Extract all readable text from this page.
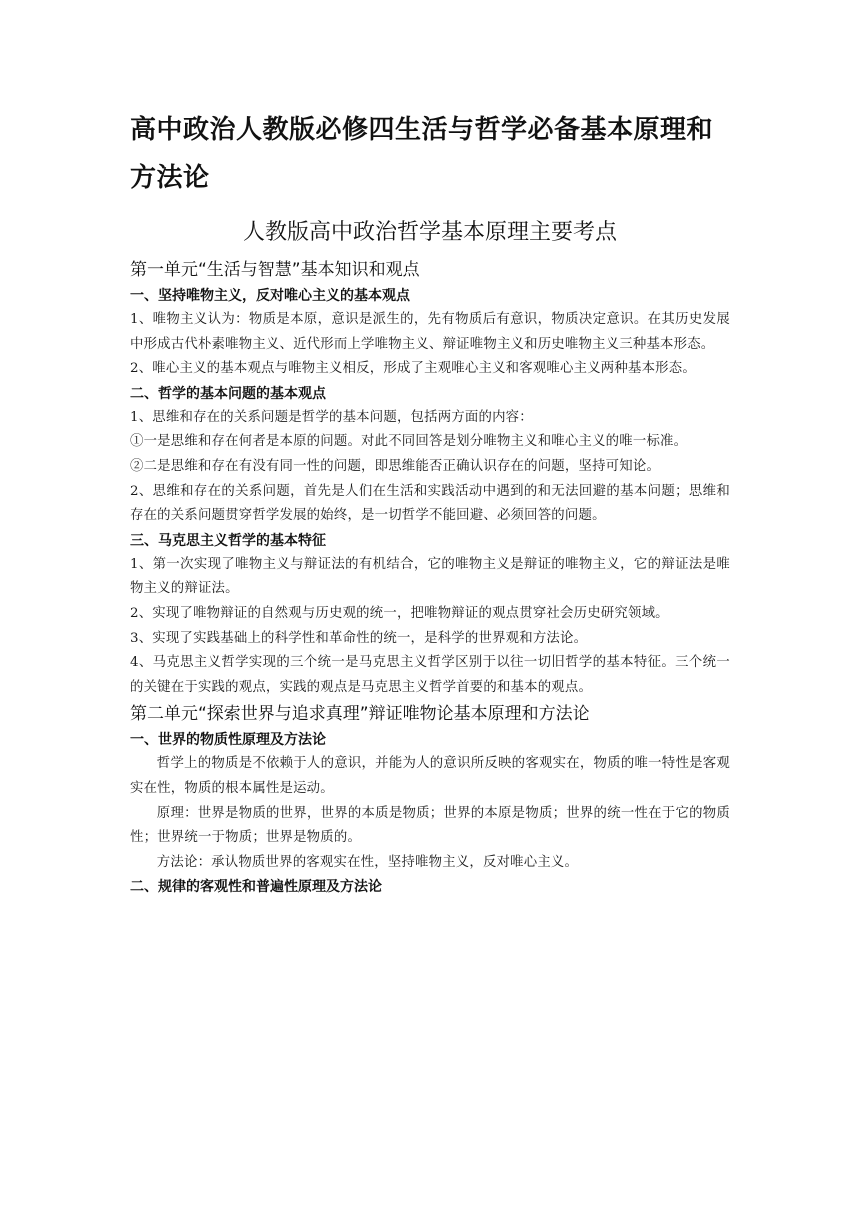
高中政治人教版必修四生活与哲学必备基本原理和方法论
人教版高中政治哲学基本原理主要考点

第一单元“生活与智慧”基本知识和观点

一、坚持唯物主义，反对唯心主义的基本观点

1、唯物主义认为：物质是本原，意识是派生的，先有物质后有意识，物质决定意识。在其历史发展中形成古代朴素唯物主义、近代形而上学唯物主义、辩证唯物主义和历史唯物主义三种基本形态。

2、唯心主义的基本观点与唯物主义相反，形成了主观唯心主义和客观唯心主义两种基本形态。

二、哲学的基本问题的基本观点

1、思维和存在的关系问题是哲学的基本问题，包括两方面的内容：

①一是思维和存在何者是本原的问题。对此不同回答是划分唯物主义和唯心主义的唯一标准。

②二是思维和存在有没有同一性的问题，即思维能否正确认识存在的问题，坚持可知论。

2、思维和存在的关系问题，首先是人们在生活和实践活动中遇到的和无法回避的基本问题；思维和存在的关系问题贯穿哲学发展的始终，是一切哲学不能回避、必须回答的问题。

三、马克思主义哲学的基本特征

1、第一次实现了唯物主义与辩证法的有机结合，它的唯物主义是辩证的唯物主义，它的辩证法是唯物主义的辩证法。

2、实现了唯物辩证的自然观与历史观的统一，把唯物辩证的观点贯穿社会历史研究领域。

3、实现了实践基础上的科学性和革命性的统一，是科学的世界观和方法论。

4、马克思主义哲学实现的三个统一是马克思主义哲学区别于以往一切旧哲学的基本特征。三个统一的关键在于实践的观点，实践的观点是马克思主义哲学首要的和基本的观点。

第二单元“探索世界与追求真理”辩证唯物论基本原理和方法论

一、世界的物质性原理及方法论

哲学上的物质是不依赖于人的意识，并能为人的意识所反映的客观实在，物质的唯一特性是客观实在性，物质的根本属性是运动。

原理：世界是物质的世界，世界的本质是物质；世界的本原是物质；世界的统一性在于它的物质性；世界统一于物质；世界是物质的。

方法论：承认物质世界的客观实在性，坚持唯物主义，反对唯心主义。

二、规律的客观性和普遍性原理及方法论
